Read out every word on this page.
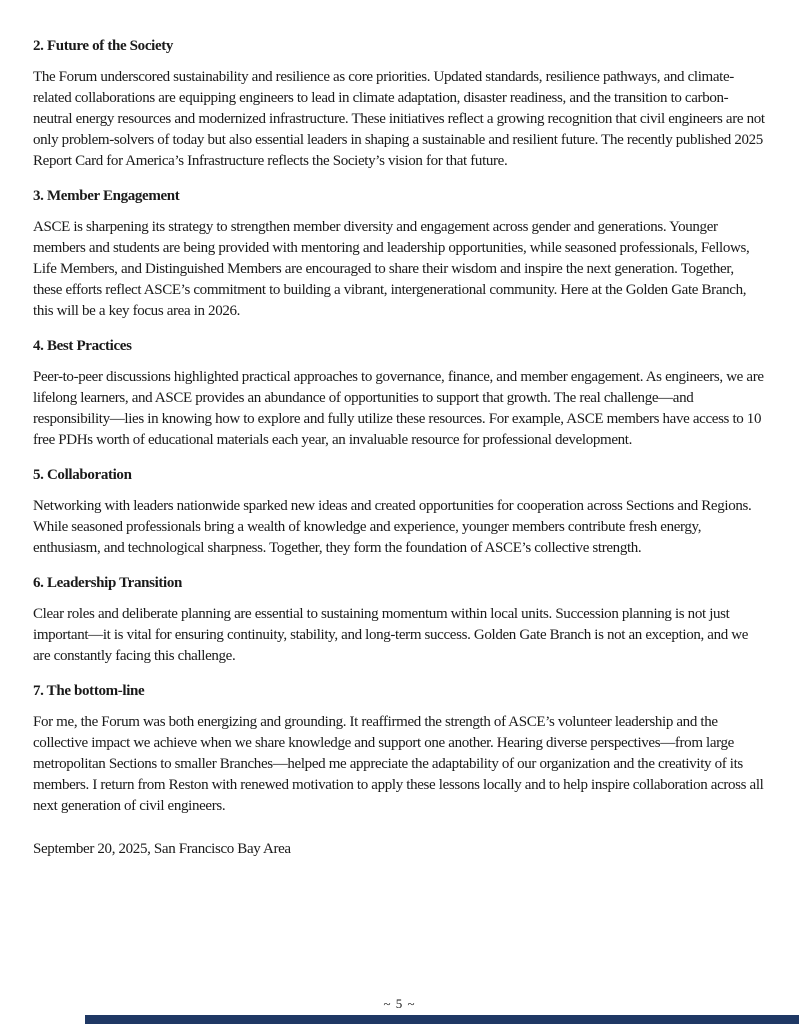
2. Future of the Society

The Forum underscored sustainability and resilience as core priorities. Updated standards, resilience pathways, and climate-related collaborations are equipping engineers to lead in climate adaptation, disaster readiness, and the transition to carbon-neutral energy resources and modernized infrastructure. These initiatives reflect a growing recognition that civil engineers are not only problem-solvers of today but also essential leaders in shaping a sustainable and resilient future. The recently published 2025 Report Card for America’s Infrastructure reflects the Society’s vision for that future.

3. Member Engagement

ASCE is sharpening its strategy to strengthen member diversity and engagement across gender and generations. Younger members and students are being provided with mentoring and leadership opportunities, while seasoned professionals, Fellows, Life Members, and Distinguished Members are encouraged to share their wisdom and inspire the next generation. Together, these efforts reflect ASCE’s commitment to building a vibrant, intergenerational community. Here at the Golden Gate Branch, this will be a key focus area in 2026.

4. Best Practices

Peer-to-peer discussions highlighted practical approaches to governance, finance, and member engagement. As engineers, we are lifelong learners, and ASCE provides an abundance of opportunities to support that growth. The real challenge—and responsibility—lies in knowing how to explore and fully utilize these resources. For example, ASCE members have access to 10 free PDHs worth of educational materials each year, an invaluable resource for professional development.

5. Collaboration

Networking with leaders nationwide sparked new ideas and created opportunities for cooperation across Sections and Regions. While seasoned professionals bring a wealth of knowledge and experience, younger members contribute fresh energy, enthusiasm, and technological sharpness. Together, they form the foundation of ASCE’s collective strength.

6. Leadership Transition

Clear roles and deliberate planning are essential to sustaining momentum within local units. Succession planning is not just important—it is vital for ensuring continuity, stability, and long-term success. Golden Gate Branch is not an exception, and we are constantly facing this challenge.

7. The bottom-line

For me, the Forum was both energizing and grounding. It reaffirmed the strength of ASCE’s volunteer leadership and the collective impact we achieve when we share knowledge and support one another. Hearing diverse perspectives—from large metropolitan Sections to smaller Branches—helped me appreciate the adaptability of our organization and the creativity of its members. I return from Reston with renewed motivation to apply these lessons locally and to help inspire collaboration across all next generation of civil engineers.

September 20, 2025, San Francisco Bay Area

~ 5 ~
